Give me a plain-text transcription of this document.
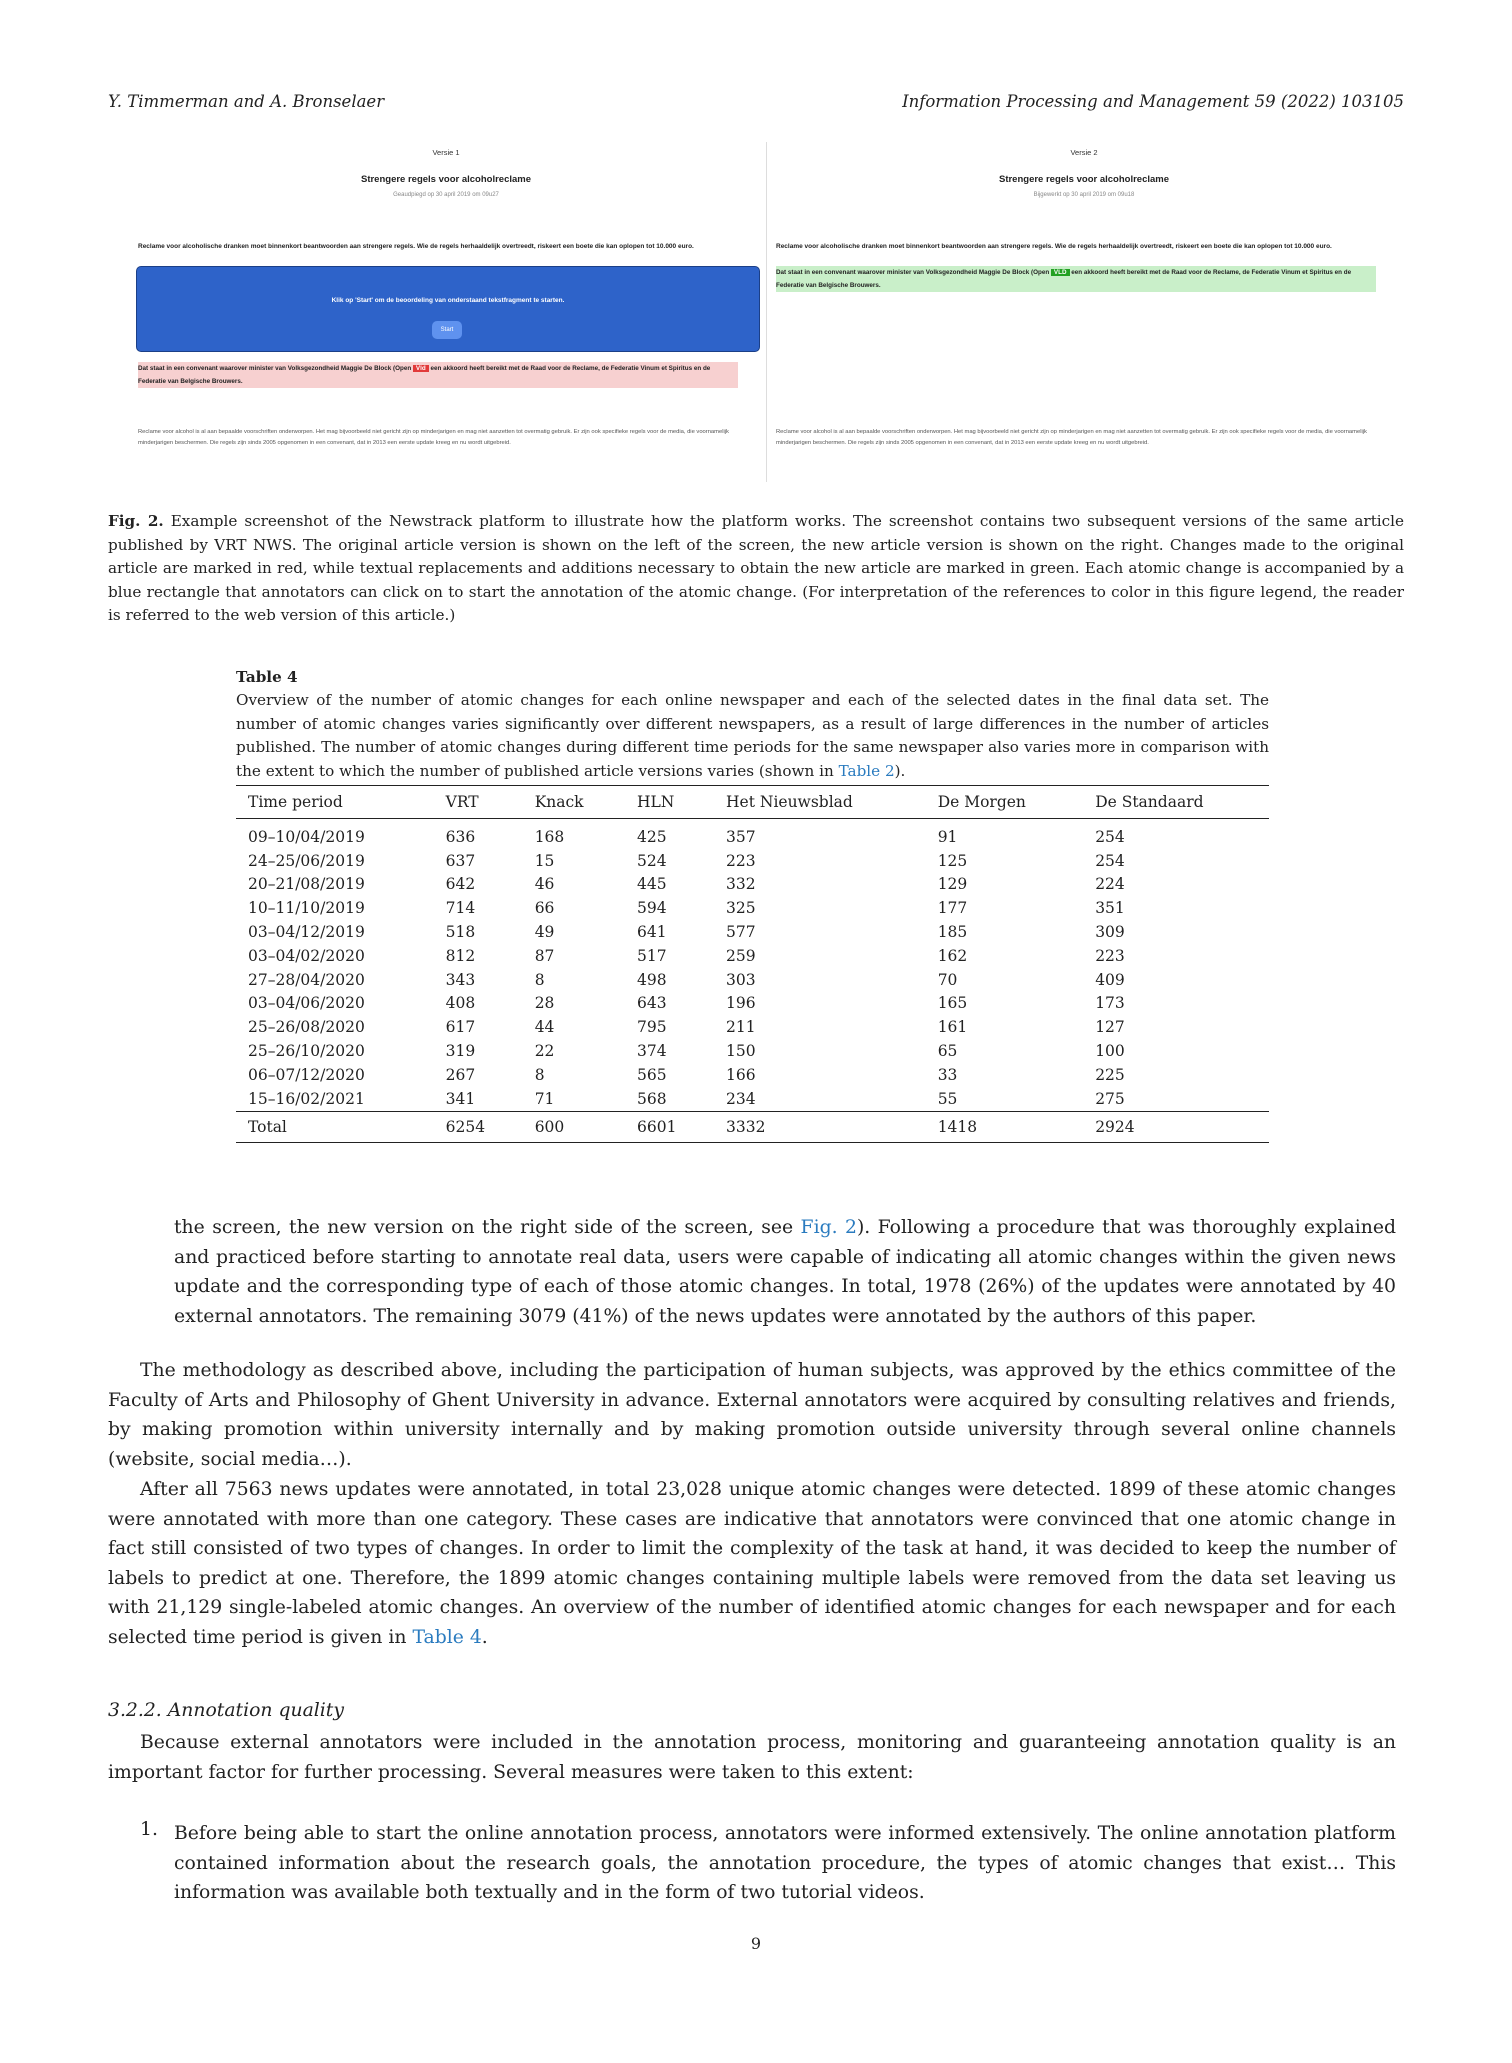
Y. Timmerman and A. Bronselaer	Information Processing and Management 59 (2022) 103105
Versie 1
Strengere regels voor alcoholreclame
Geaudpiegd op 30 april 2019 om 09u27
Reclame voor alcoholische dranken moet binnenkort beantwoorden aan strengere regels. Wie de regels herhaaldelijk overtreedt, riskeert een boete die kan oplopen tot 10.000 euro.
Klik op 'Start' om de beoordeling van onderstaand tekstfragment te starten.
Start
Dat staat in een convenant waarover minister van Volksgezondheid Maggie De Block (Open Vld een akkoord heeft bereikt met de Raad voor de Reclame, de Federatie Vinum et Spiritus en de Federatie van Belgische Brouwers.
Reclame voor alcohol is al aan bepaalde voorschriften onderworpen. Het mag bijvoorbeeld niet gericht zijn op minderjarigen en mag niet aanzetten tot overmatig gebruik. Er zijn ook specifieke regels voor de media, die voornamelijk minderjarigen beschermen. Die regels zijn sinds 2005 opgenomen in een convenant, dat in 2013 een eerste update kreeg en nu wordt uitgebreid.
Versie 2
Strengere regels voor alcoholreclame
Bijgewerkt op 30 april 2019 om 09u18
Reclame voor alcoholische dranken moet binnenkort beantwoorden aan strengere regels. Wie de regels herhaaldelijk overtreedt, riskeert een boete die kan oplopen tot 10.000 euro.
Dat staat in een convenant waarover minister van Volksgezondheid Maggie De Block (Open VLD een akkoord heeft bereikt met de Raad voor de Reclame, de Federatie Vinum et Spiritus en de Federatie van Belgische Brouwers.
Reclame voor alcohol is al aan bepaalde voorschriften onderworpen. Het mag bijvoorbeeld niet gericht zijn op minderjarigen en mag niet aanzetten tot overmatig gebruik. Er zijn ook specifieke regels voor de media, die voornamelijk minderjarigen beschermen. Die regels zijn sinds 2005 opgenomen in een convenant, dat in 2013 een eerste update kreeg en nu wordt uitgebreid.
Fig. 2. Example screenshot of the Newstrack platform to illustrate how the platform works. The screenshot contains two subsequent versions of the same article published by VRT NWS. The original article version is shown on the left of the screen, the new article version is shown on the right. Changes made to the original article are marked in red, while textual replacements and additions necessary to obtain the new article are marked in green. Each atomic change is accompanied by a blue rectangle that annotators can click on to start the annotation of the atomic change. (For interpretation of the references to color in this figure legend, the reader is referred to the web version of this article.)
Table 4
Overview of the number of atomic changes for each online newspaper and each of the selected dates in the final data set. The number of atomic changes varies significantly over different newspapers, as a result of large differences in the number of articles published. The number of atomic changes during different time periods for the same newspaper also varies more in comparison with the extent to which the number of published article versions varies (shown in Table 2).
Time period	VRT	Knack	HLN	Het Nieuwsblad	De Morgen	De Standaard
09–10/04/2019	636	168	425	357	91	254
24–25/06/2019	637	15	524	223	125	254
20–21/08/2019	642	46	445	332	129	224
10–11/10/2019	714	66	594	325	177	351
03–04/12/2019	518	49	641	577	185	309
03–04/02/2020	812	87	517	259	162	223
27–28/04/2020	343	8	498	303	70	409
03–04/06/2020	408	28	643	196	165	173
25–26/08/2020	617	44	795	211	161	127
25–26/10/2020	319	22	374	150	65	100
06–07/12/2020	267	8	565	166	33	225
15–16/02/2021	341	71	568	234	55	275
Total	6254	600	6601	3332	1418	2924
the screen, the new version on the right side of the screen, see Fig. 2). Following a procedure that was thoroughly explained and practiced before starting to annotate real data, users were capable of indicating all atomic changes within the given news update and the corresponding type of each of those atomic changes. In total, 1978 (26%) of the updates were annotated by 40 external annotators. The remaining 3079 (41%) of the news updates were annotated by the authors of this paper.
The methodology as described above, including the participation of human subjects, was approved by the ethics committee of the Faculty of Arts and Philosophy of Ghent University in advance. External annotators were acquired by consulting relatives and friends, by making promotion within university internally and by making promotion outside university through several online channels (website, social media…).
After all 7563 news updates were annotated, in total 23,028 unique atomic changes were detected. 1899 of these atomic changes were annotated with more than one category. These cases are indicative that annotators were convinced that one atomic change in fact still consisted of two types of changes. In order to limit the complexity of the task at hand, it was decided to keep the number of labels to predict at one. Therefore, the 1899 atomic changes containing multiple labels were removed from the data set leaving us with 21,129 single-labeled atomic changes. An overview of the number of identified atomic changes for each newspaper and for each selected time period is given in Table 4.
3.2.2. Annotation quality
Because external annotators were included in the annotation process, monitoring and guaranteeing annotation quality is an important factor for further processing. Several measures were taken to this extent:
1. Before being able to start the online annotation process, annotators were informed extensively. The online annotation platform contained information about the research goals, the annotation procedure, the types of atomic changes that exist… This information was available both textually and in the form of two tutorial videos.
9
